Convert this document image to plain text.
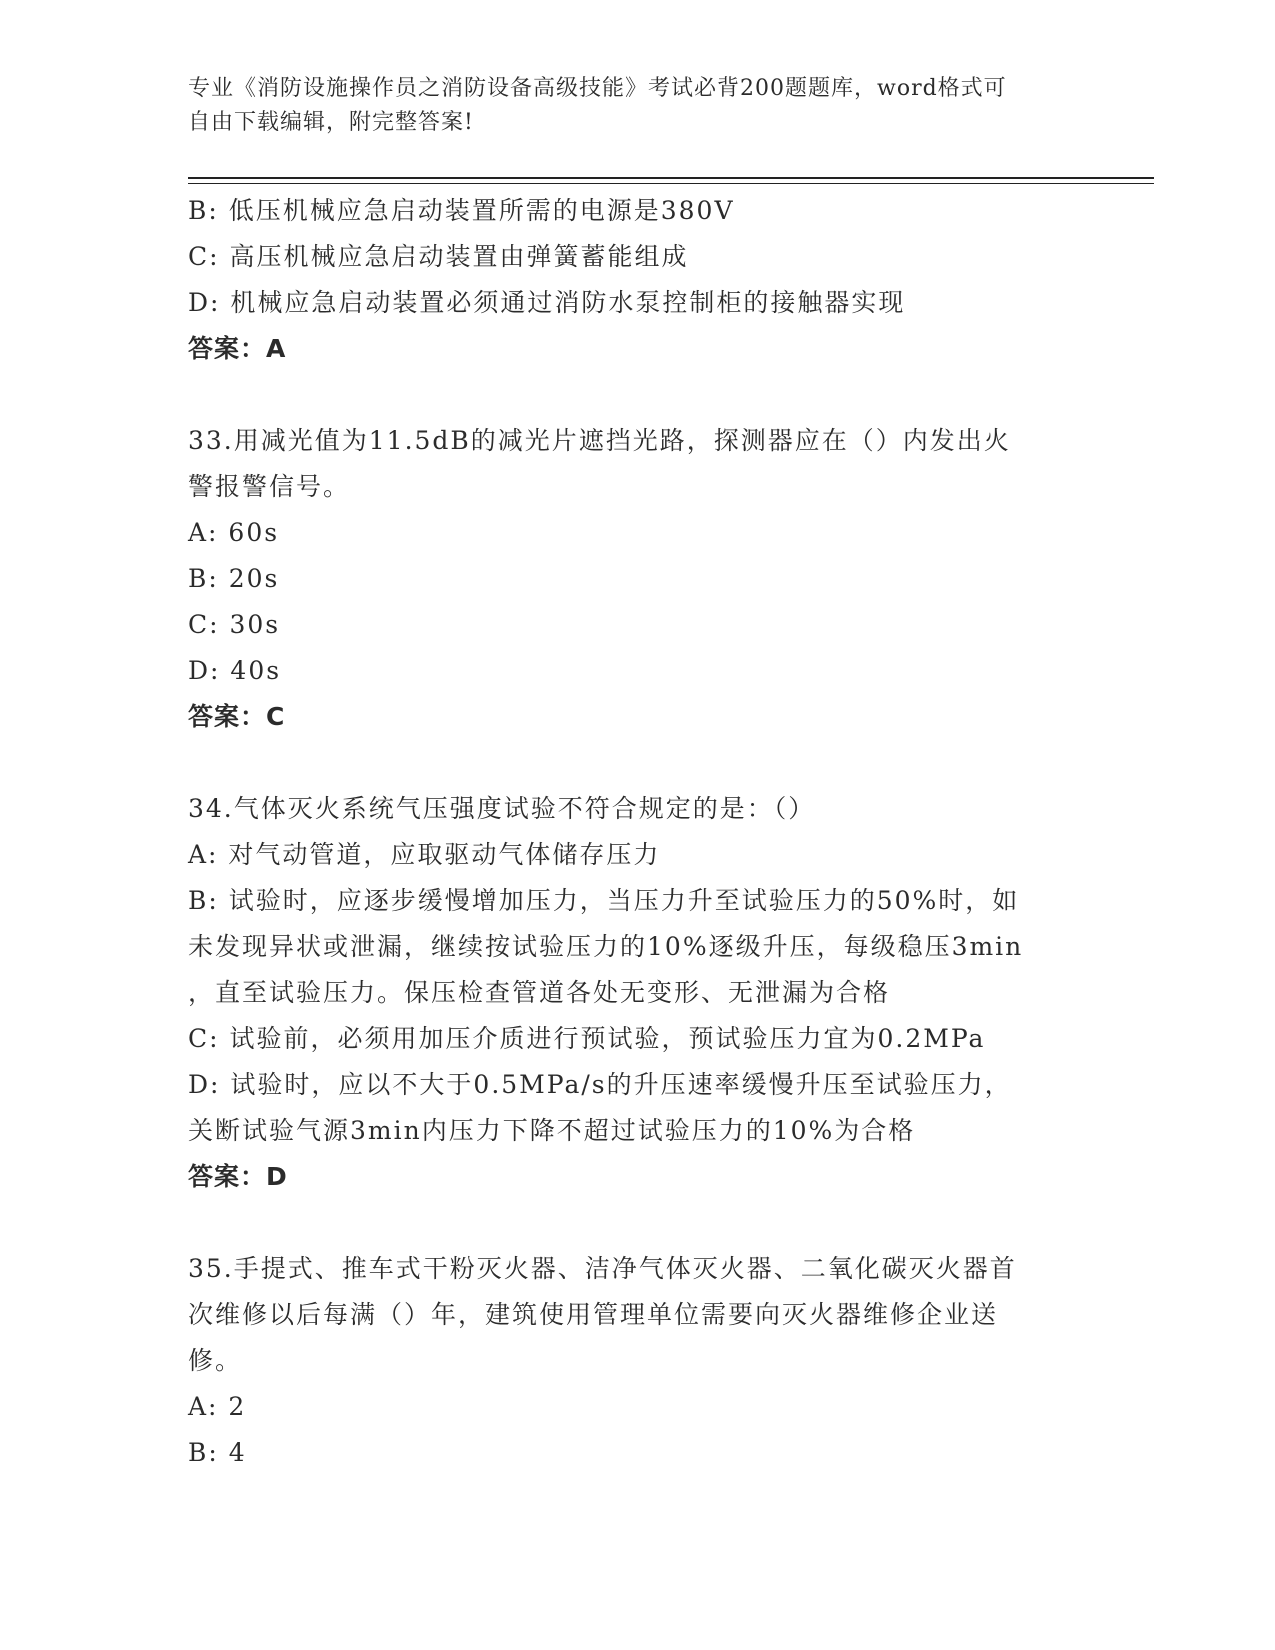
专业《消防设施操作员之消防设备高级技能》考试必背200题题库，word格式可
自由下载编辑，附完整答案!
B: 低压机械应急启动装置所需的电源是380V
C: 高压机械应急启动装置由弹簧蓄能组成
D: 机械应急启动装置必须通过消防水泵控制柜的接触器实现
答案：A
33.用减光值为11.5dB的减光片遮挡光路，探测器应在（）内发出火
警报警信号。
A: 60s
B: 20s
C: 30s
D: 40s
答案：C
34.气体灭火系统气压强度试验不符合规定的是：（）
A: 对气动管道，应取驱动气体储存压力
B: 试验时，应逐步缓慢增加压力，当压力升至试验压力的50%时，如
未发现异状或泄漏，继续按试验压力的10%逐级升压，每级稳压3min
，直至试验压力。保压检查管道各处无变形、无泄漏为合格
C: 试验前，必须用加压介质进行预试验，预试验压力宜为0.2MPa
D: 试验时，应以不大于0.5MPa/s的升压速率缓慢升压至试验压力，
关断试验气源3min内压力下降不超过试验压力的10%为合格
答案：D
35.手提式、推车式干粉灭火器、洁净气体灭火器、二氧化碳灭火器首
次维修以后每满（）年，建筑使用管理单位需要向灭火器维修企业送
修。
A: 2
B: 4
